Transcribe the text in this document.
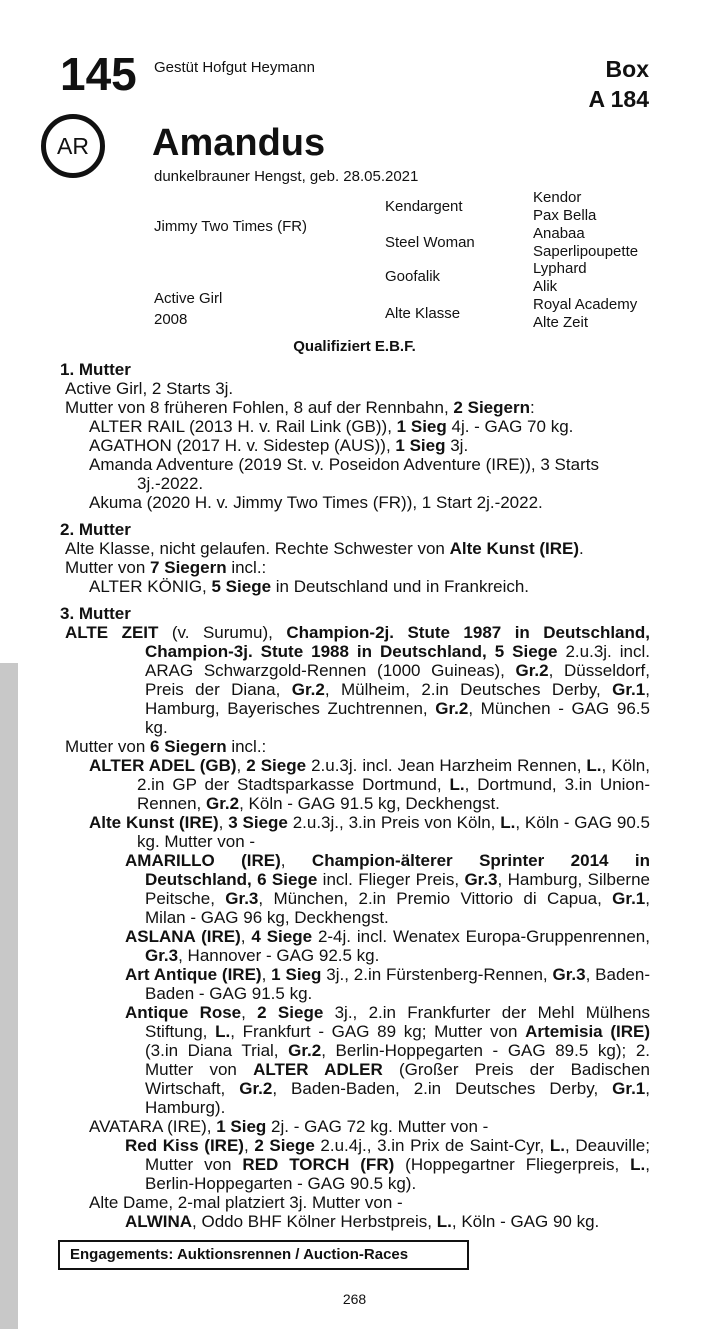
145 Gestüt Hofgut Heymann	Box
A 184
AR	Amandus
dunkelbrauner Hengst, geb. 28.05.2021
Jimmy Two Times (FR)
Active Girl
2008
Kendargent
Steel Woman
Goofalik
Alte Klasse
Kendor
Pax Bella
Anabaa
Saperlipoupette
Lyphard
Alik
Royal Academy
Alte Zeit
Qualifiziert E.B.F.

1. Mutter

Active Girl, 2 Starts 3j.

Mutter von 8 früheren Fohlen, 8 auf der Rennbahn, 2 Siegern:

ALTER RAIL (2013 H. v. Rail Link (GB)), 1 Sieg 4j. - GAG 70 kg.

AGATHON (2017 H. v. Sidestep (AUS)), 1 Sieg 3j.

Amanda Adventure (2019 St. v. Poseidon Adventure (IRE)), 3 Starts 3j.-2022.

Akuma (2020 H. v. Jimmy Two Times (FR)), 1 Start 2j.-2022.

2. Mutter

Alte Klasse, nicht gelaufen. Rechte Schwester von Alte Kunst (IRE).

Mutter von 7 Siegern incl.:

ALTER KÖNIG, 5 Siege in Deutschland und in Frankreich.

3. Mutter

ALTE ZEIT (v. Surumu), Champion-2j. Stute 1987 in Deutschland, Champion-3j. Stute 1988 in Deutschland, 5 Siege 2.u.3j. incl. ARAG Schwarzgold-Rennen (1000 Guineas), Gr.2, Düsseldorf, Preis der Diana, Gr.2, Mülheim, 2.in Deutsches Derby, Gr.1, Hamburg, Bayerisches Zuchtrennen, Gr.2, München - GAG 96.5 kg.

Mutter von 6 Siegern incl.:

ALTER ADEL (GB), 2 Siege 2.u.3j. incl. Jean Harzheim Rennen, L., Köln, 2.in GP der Stadtsparkasse Dortmund, L., Dortmund, 3.in Union-Rennen, Gr.2, Köln - GAG 91.5 kg, Deckhengst.

Alte Kunst (IRE), 3 Siege 2.u.3j., 3.in Preis von Köln, L., Köln - GAG 90.5 kg. Mutter von -

AMARILLO (IRE), Champion-älterer Sprinter 2014 in Deutschland, 6 Siege incl. Flieger Preis, Gr.3, Hamburg, Silberne Peitsche, Gr.3, München, 2.in Premio Vittorio di Capua, Gr.1, Milan - GAG 96 kg, Deckhengst.

ASLANA (IRE), 4 Siege 2-4j. incl. Wenatex Europa-Gruppenrennen, Gr.3, Hannover - GAG 92.5 kg.

Art Antique (IRE), 1 Sieg 3j., 2.in Fürstenberg-Rennen, Gr.3, Baden-Baden - GAG 91.5 kg.

Antique Rose, 2 Siege 3j., 2.in Frankfurter der Mehl Mülhens Stiftung, L., Frankfurt - GAG 89 kg; Mutter von Artemisia (IRE) (3.in Diana Trial, Gr.2, Berlin-Hoppegarten - GAG 89.5 kg); 2. Mutter von ALTER ADLER (Großer Preis der Badischen Wirtschaft, Gr.2, Baden-Baden, 2.in Deutsches Derby, Gr.1, Hamburg).

AVATARA (IRE), 1 Sieg 2j. - GAG 72 kg. Mutter von -

Red Kiss (IRE), 2 Siege 2.u.4j., 3.in Prix de Saint-Cyr, L., Deauville; Mutter von RED TORCH (FR) (Hoppegartner Fliegerpreis, L., Berlin-Hoppegarten - GAG 90.5 kg).

Alte Dame, 2-mal platziert 3j. Mutter von -

ALWINA, Oddo BHF Kölner Herbstpreis, L., Köln - GAG 90 kg.

Engagements: Auktionsrennen / Auction-Races
268
